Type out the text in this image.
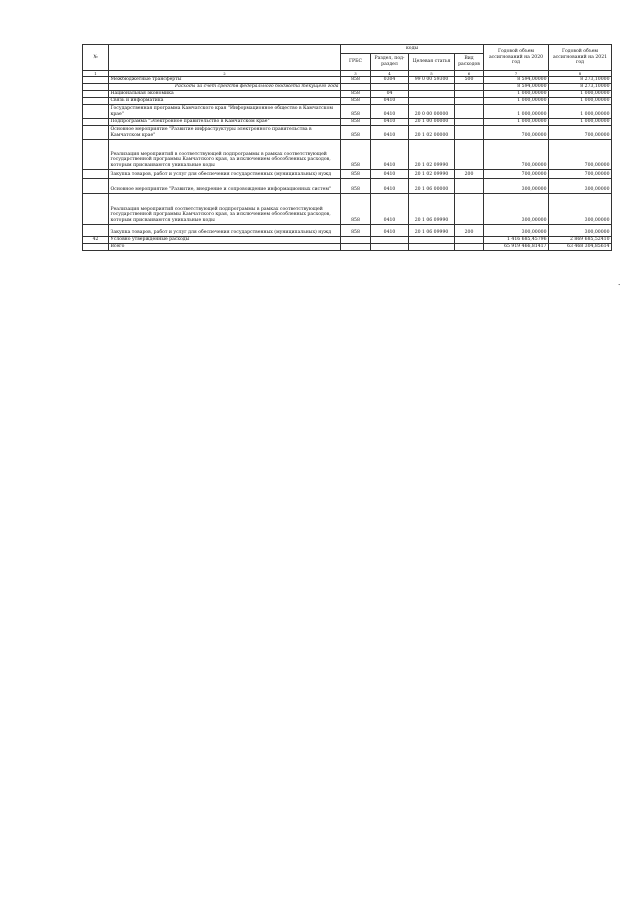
№		коды				Годовой объем ассигнований на 2020 год	Годовой объем ассигнований на 2021 год
		ГРБС	Раздел, под-раздел	Целевая статья	Вид расходов		
1	2	3	4	5	6	7	8
	Межбюджетные трансферты	858	0304	99 0 00 59300	500	8 594,00000	8 273,10000
	Расходы за счет средств федерального бюджета текущего года					8 594,00000	8 273,10000
	Национальная экономика	858	04			1 000,00000	1 000,00000
	Связь и информатика	858	0410			1 000,00000	1 000,00000
	Государственная программа Камчатского края "Информационное общество в Камчатском крае"	858	0410	20 0 00 00000		1 000,00000	1 000,00000
	Подпрограмма "Электронное правительство в Камчатском крае"	858	0410	20 1 00 00000		1 000,00000	1 000,00000
	Основное мероприятие "Развитие инфраструктуры электронного правительства в Камчатском крае"	858	0410	20 1 02 00000		700,00000	700,00000
	Реализация мероприятий в соответствующей подпрограммы в рамках соответствующей государственной программы Камчатского края, за исключением обособленных расходов, которым присваиваются уникальные коды	858	0410	20 1 02 09990		700,00000	700,00000
	Закупка товаров, работ и услуг для обеспечения государственных (муниципальных) нужд	858	0410	20 1 02 09990	200	700,00000	700,00000
	Основное мероприятие "Развитие, внедрение и сопровождение информационных систем"	858	0410	20 1 06 00000		300,00000	300,00000
	Реализация мероприятий соответствующей подпрограммы в рамках соответствующей государственной программы Камчатского края, за исключением обособленных расходов, которым присваиваются уникальные коды	858	0410	20 1 06 09990		300,00000	300,00000
	Закупка товаров, работ и услуг для обеспечения государственных (муниципальных) нужд	858	0410	20 1 06 09990	200	300,00000	300,00000
42	Условно утвержденные расходы					1 416 685,45796	2 869 685,52410
	Всего					65 919 466,81417	63 468 304,85614
•
